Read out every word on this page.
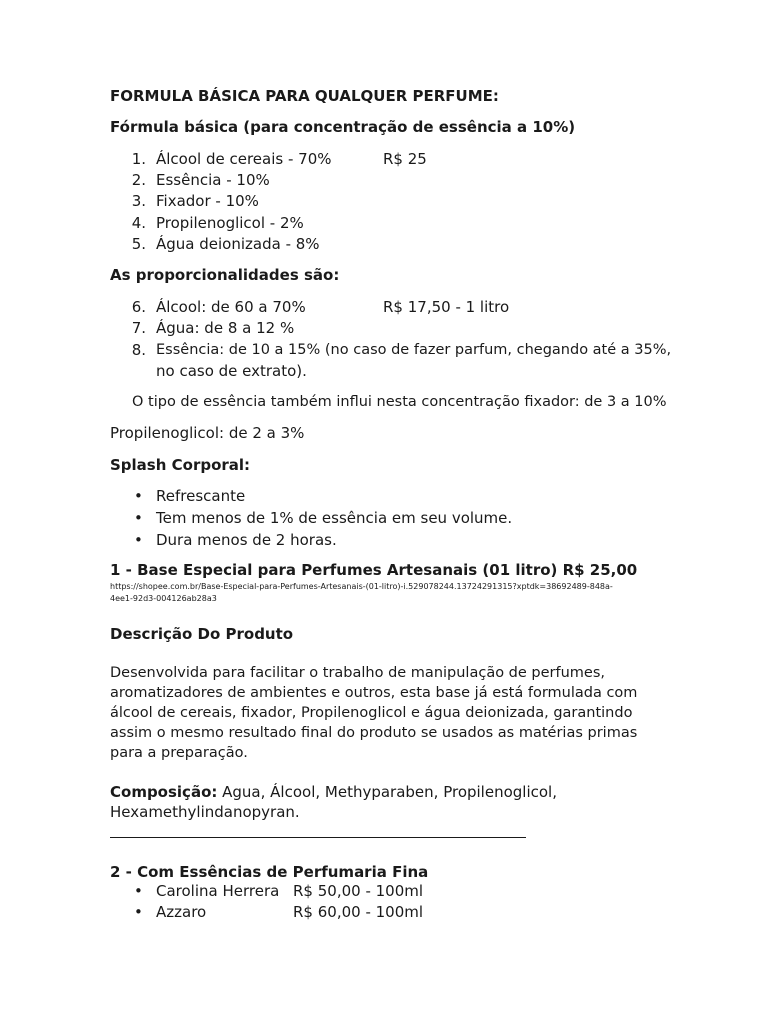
FORMULA BÁSICA PARA QUALQUER PERFUME:
Fórmula básica (para concentração de essência a 10%)
1. Álcool de cereais - 70%	R$ 25
2. Essência - 10%
3. Fixador - 10%
4. Propilenoglicol - 2%
5. Água deionizada - 8%
As proporcionalidades são:
6. Álcool: de 60 a 70%	R$ 17,50 - 1 litro
7. Água: de 8 a 12 %
8. Essência: de 10 a 15% (no caso de fazer parfum, chegando até a 35%,
no caso de extrato).
O tipo de essência também influi nesta concentração fixador: de 3 a 10%
Propilenoglicol: de 2 a 3%
Splash Corporal:
• Refrescante
• Tem menos de 1% de essência em seu volume.
• Dura menos de 2 horas.
1 - Base Especial para Perfumes Artesanais (01 litro) R$ 25,00
https://shopee.com.br/Base-Especial-para-Perfumes-Artesanais-(01-litro)-i.529078244.13724291315?xptdk=38692489-848a-
4ee1-92d3-004126ab28a3
Descrição Do Produto
Desenvolvida para facilitar o trabalho de manipulação de perfumes,
aromatizadores de ambientes e outros, esta base já está formulada com
álcool de cereais, fixador, Propilenoglicol e água deionizada, garantindo
assim o mesmo resultado final do produto se usados as matérias primas
para a preparação.
Composição: Agua, Álcool, Methyparaben, Propilenoglicol,
Hexamethylindanopyran.
2 - Com Essências de Perfumaria Fina
• Carolina Herrera R$ 50,00 - 100ml
• Azzaro	R$ 60,00 - 100ml
